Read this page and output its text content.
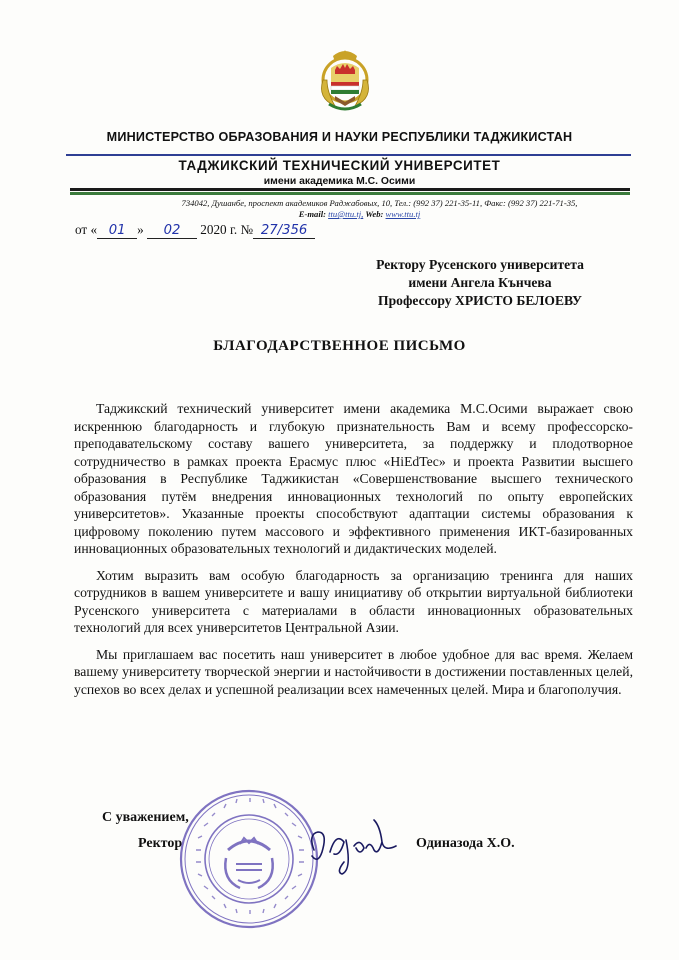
МИНИСТЕРСТВО ОБРАЗОВАНИЯ И НАУКИ РЕСПУБЛИКИ ТАДЖИКИСТАН
ТАДЖИКСКИЙ ТЕХНИЧЕСКИЙ УНИВЕРСИТЕТ
имени академика М.С. Осими
734042, Душанбе, проспект академиков Раджабовых, 10, Тел.: (992 37) 221-35-11, Факс: (992 37) 221-71-35,
E-mail: ttu@ttu.tj, Web: www.ttu.tj
от « 01 » 02 2020 г. № 27/356
Ректору Русенского университета
имени Ангела Кънчева
Професcору ХРИСТО БЕЛОЕВУ
БЛАГОДАРСТВЕННОЕ ПИСЬМО

Таджикский технический университет имени академика М.С.Осими выражает свою искреннюю благодарность и глубокую признательность Вам и всему профессорско-преподавательскому составу вашего университета, за поддержку и плодотворное сотрудничество в рамках проекта Ерасмус плюс «HiEdTec» и проекта Развитии высшего образования в Республике Таджикистан «Совершенствование высшего технического образования путём внедрения инновационных технологий по опыту европейских университетов». Указанные проекты способствуют адаптации системы образования к цифровому поколению путем массового и эффективного применения ИКТ-базированных инновационных образовательных технологий и дидактических моделей.

Хотим выразить вам особую благодарность за организацию тренинга для наших сотрудников в вашем университете и вашу инициативу об открытии виртуальной библиотеки Русенского университета с материалами в области инновационных образовательных технологий для всех университетов Центральной Азии.

Мы приглашаем вас посетить наш университет в любое удобное для вас время. Желаем вашему университету творческой энергии и настойчивости в достижении поставленных целей, успехов во всех делах и успешной реализации всех намеченных целей. Мира и благополучия.

С уважением,
Ректор	Одиназода Х.О.
